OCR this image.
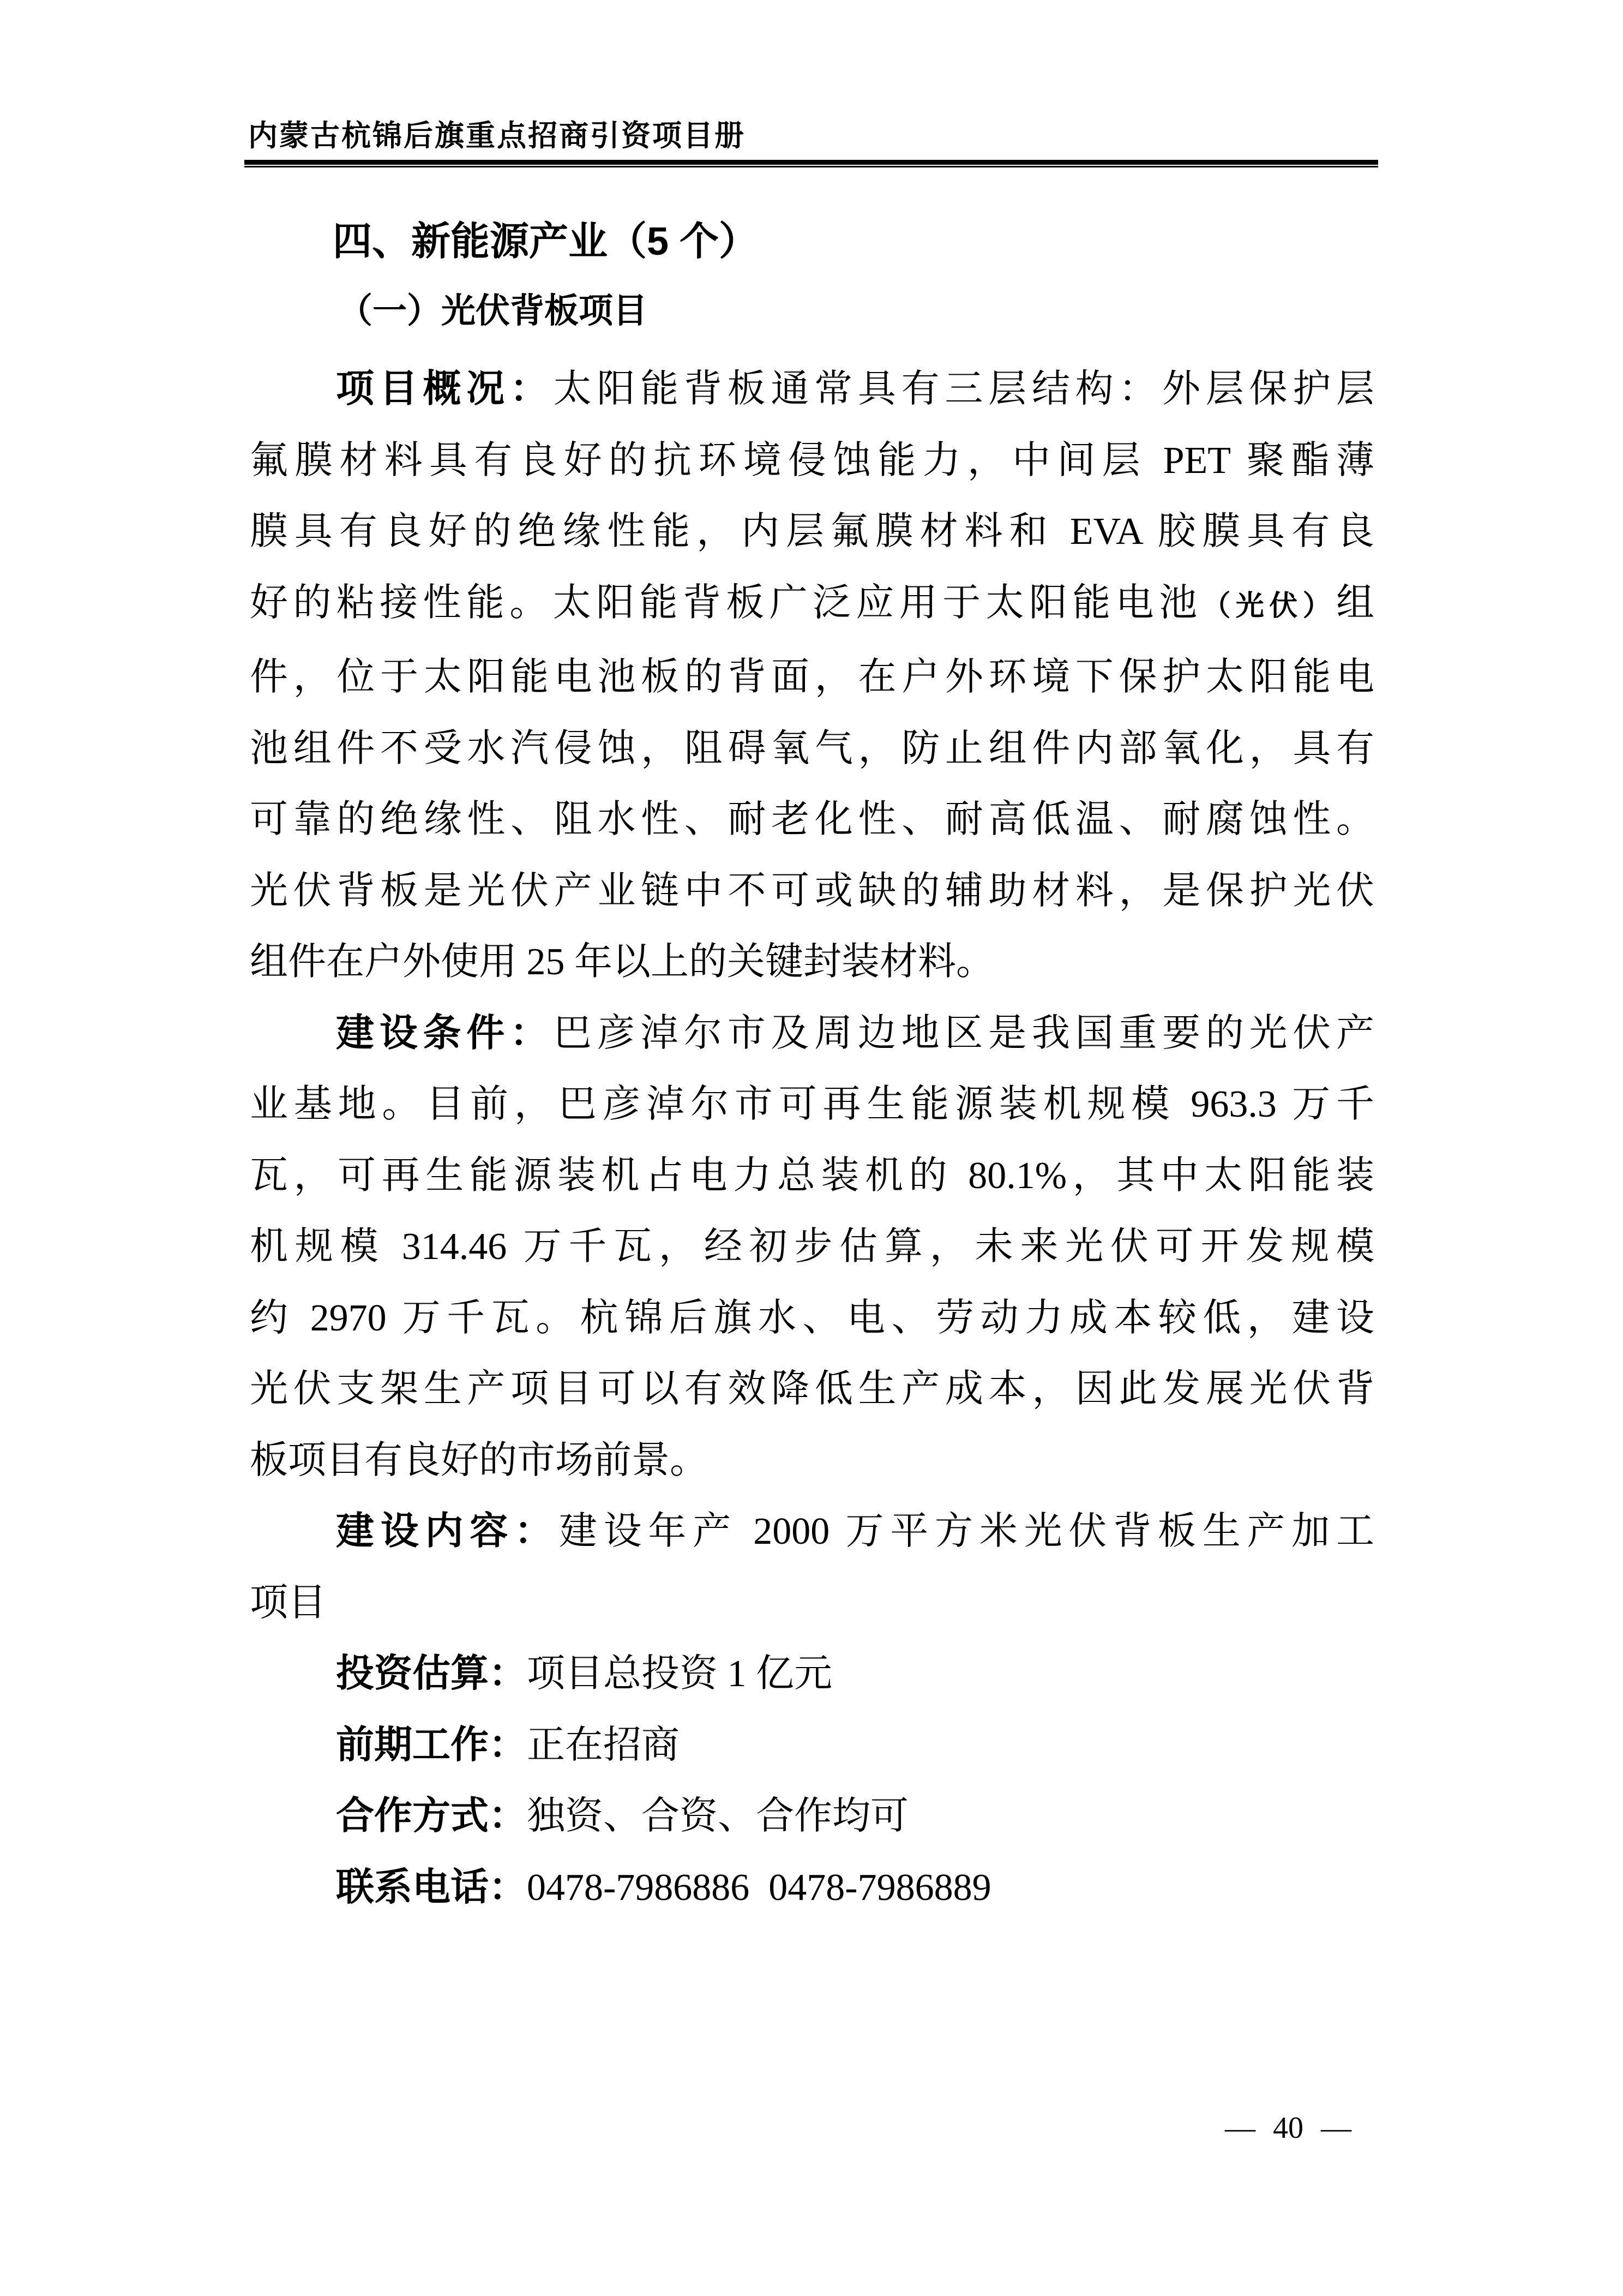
内蒙古杭锦后旗重点招商引资项目册
四、新能源产业（5 个）
（一）光伏背板项目
项目概况：太阳能背板通常具有三层结构：外层保护层
氟膜材料具有良好的抗环境侵蚀能力，中间层 PET 聚酯薄
膜具有良好的绝缘性能，内层氟膜材料和 EVA 胶膜具有良
好的粘接性能。太阳能背板广泛应用于太阳能电池（光伏）组
件，位于太阳能电池板的背面，在户外环境下保护太阳能电
池组件不受水汽侵蚀，阻碍氧气，防止组件内部氧化，具有
可靠的绝缘性、阻水性、耐老化性、耐高低温、耐腐蚀性。
光伏背板是光伏产业链中不可或缺的辅助材料，是保护光伏
组件在户外使用 25 年以上的关键封装材料。
建设条件：巴彦淖尔市及周边地区是我国重要的光伏产
业基地。目前，巴彦淖尔市可再生能源装机规模 963.3 万千
瓦，可再生能源装机占电力总装机的 80.1%，其中太阳能装
机规模 314.46 万千瓦，经初步估算，未来光伏可开发规模
约 2970 万千瓦。杭锦后旗水、电、劳动力成本较低，建设
光伏支架生产项目可以有效降低生产成本，因此发展光伏背
板项目有良好的市场前景。
建设内容：建设年产 2000 万平方米光伏背板生产加工
项目
投资估算：项目总投资 1 亿元
前期工作：正在招商
合作方式：独资、合资、合作均可
联系电话：0478-7986886  0478-7986889
— 40 —
